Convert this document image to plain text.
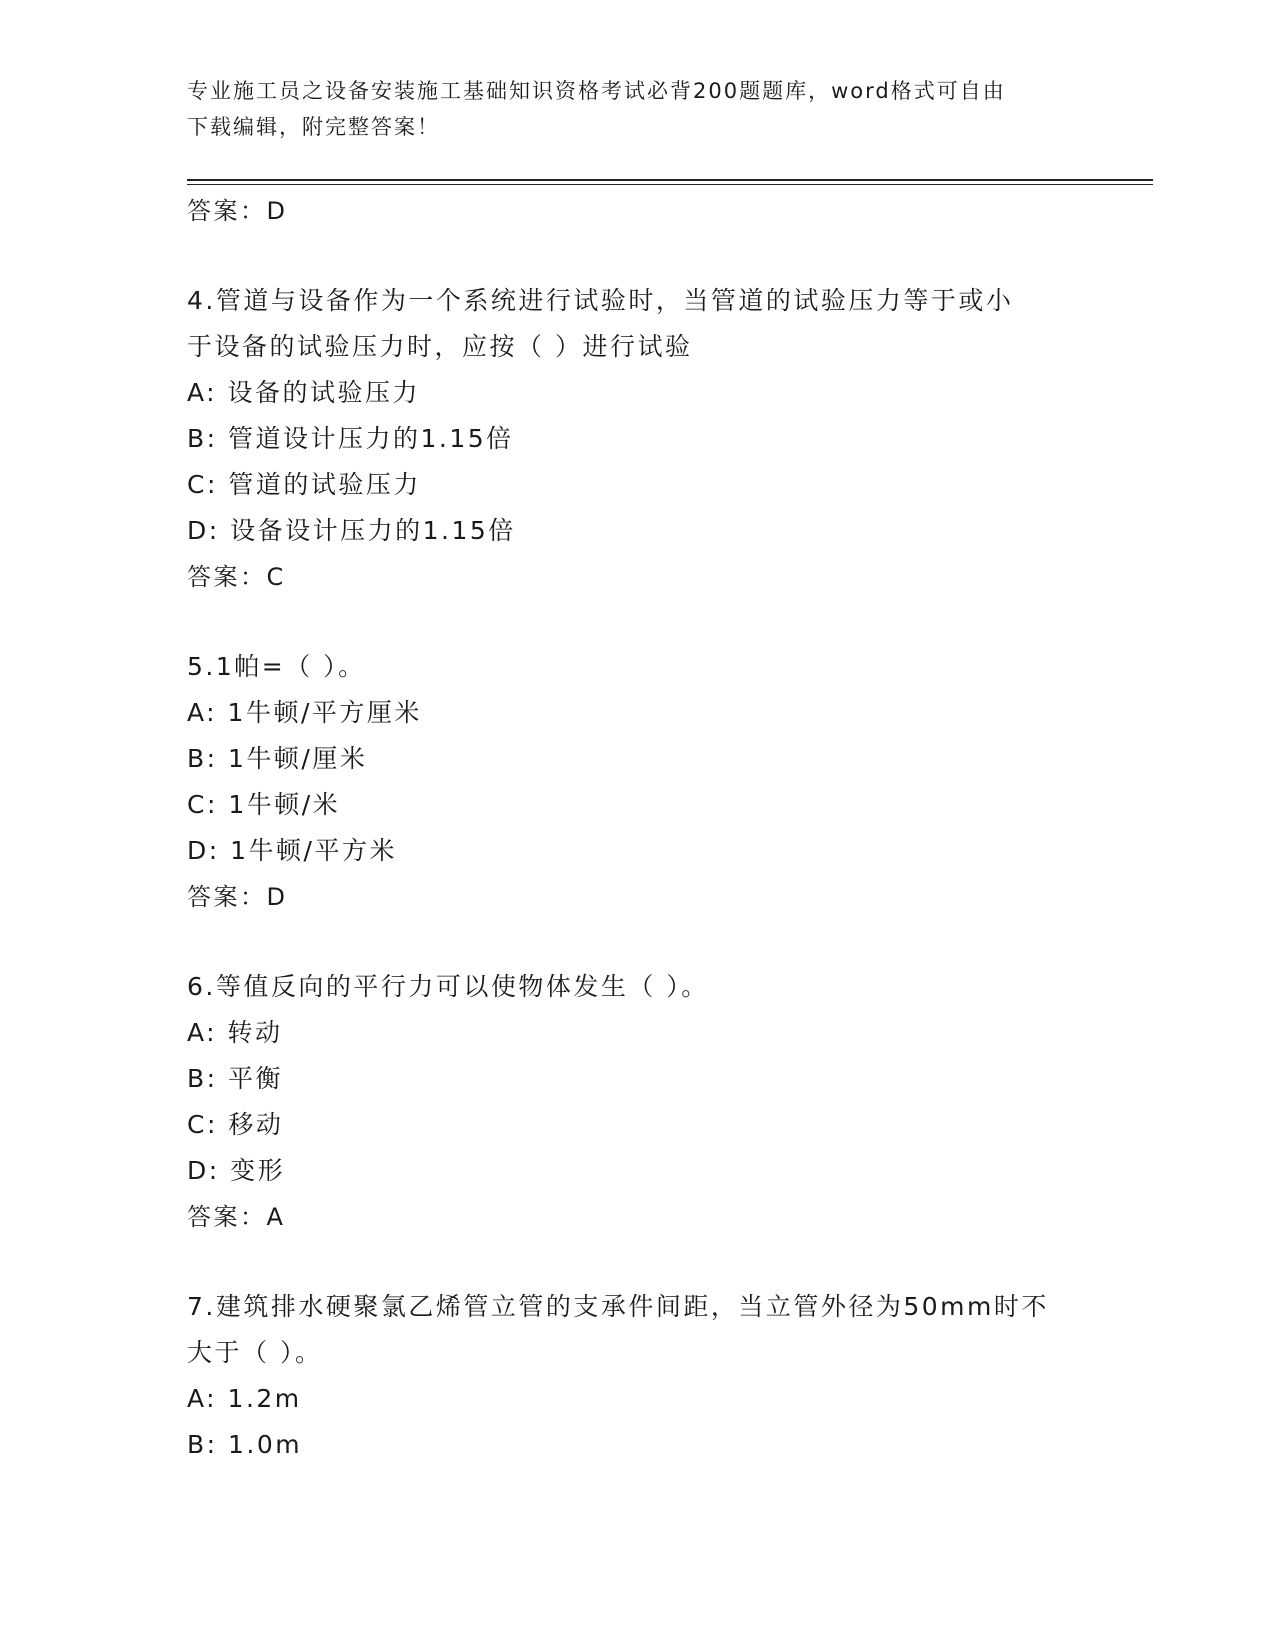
专业施工员之设备安装施工基础知识资格考试必背200题题库，word格式可自由
下载编辑，附完整答案！
答案：D
4.管道与设备作为一个系统进行试验时，当管道的试验压力等于或小
于设备的试验压力时，应按（ ）进行试验
A: 设备的试验压力
B: 管道设计压力的1.15倍
C: 管道的试验压力
D: 设备设计压力的1.15倍
答案：C
5.1帕=（ ）。
A: 1牛顿/平方厘米
B: 1牛顿/厘米
C: 1牛顿/米
D: 1牛顿/平方米
答案：D
6.等值反向的平行力可以使物体发生（ ）。
A: 转动
B: 平衡
C: 移动
D: 变形
答案：A
7.建筑排水硬聚氯乙烯管立管的支承件间距，当立管外径为50mm时不
大于（ ）。
A: 1.2m
B: 1.0m
